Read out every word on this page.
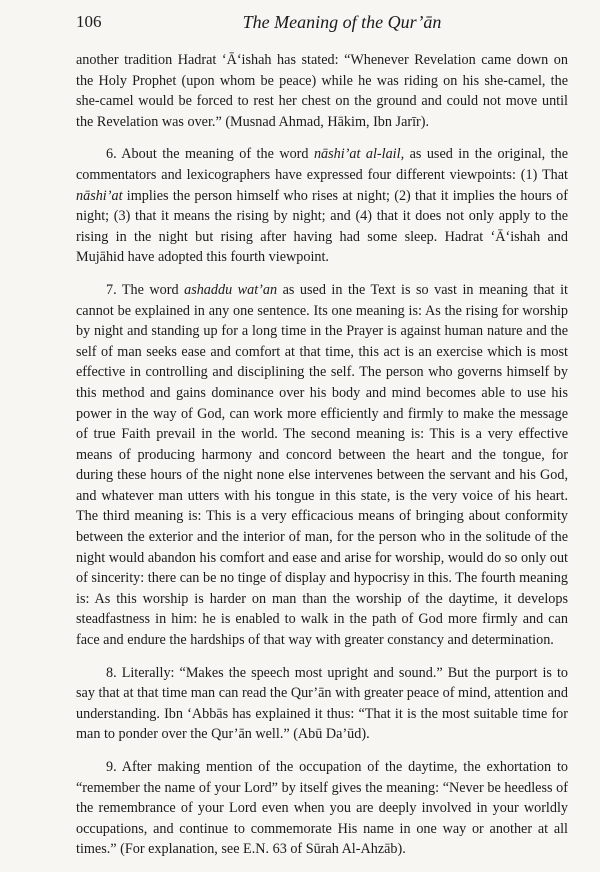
106	The Meaning of the Qur’ān

another tradition Hadrat ‘Ā‘ishah has stated: “Whenever Revelation came down on the Holy Prophet (upon whom be peace) while he was riding on his she-camel, the she-camel would be forced to rest her chest on the ground and could not move until the Revelation was over.” (Musnad Ahmad, Hākim, Ibn Jarīr).

6. About the meaning of the word nāshi’at al-lail, as used in the original, the commentators and lexicographers have expressed four different viewpoints: (1) That nāshi’at implies the person himself who rises at night; (2) that it implies the hours of night; (3) that it means the rising by night; and (4) that it does not only apply to the rising in the night but rising after having had some sleep. Hadrat ‘Ā‘ishah and Mujāhid have adopted this fourth viewpoint.

7. The word ashaddu wat’an as used in the Text is so vast in meaning that it cannot be explained in any one sentence. Its one meaning is: As the rising for worship by night and standing up for a long time in the Prayer is against human nature and the self of man seeks ease and comfort at that time, this act is an exercise which is most effective in controlling and disciplining the self. The person who governs himself by this method and gains dominance over his body and mind becomes able to use his power in the way of God, can work more efficiently and firmly to make the message of true Faith prevail in the world. The second meaning is: This is a very effective means of producing harmony and concord between the heart and the tongue, for during these hours of the night none else intervenes between the servant and his God, and whatever man utters with his tongue in this state, is the very voice of his heart. The third meaning is: This is a very efficacious means of bringing about conformity between the exterior and the interior of man, for the person who in the solitude of the night would abandon his comfort and ease and arise for worship, would do so only out of sincerity: there can be no tinge of display and hypocrisy in this. The fourth meaning is: As this worship is harder on man than the worship of the daytime, it develops steadfastness in him: he is enabled to walk in the path of God more firmly and can face and endure the hardships of that way with greater constancy and determination.

8. Literally: “Makes the speech most upright and sound.” But the purport is to say that at that time man can read the Qur’ān with greater peace of mind, attention and understanding. Ibn ‘Abbās has explained it thus: “That it is the most suitable time for man to ponder over the Qur’ān well.” (Abū Da’ūd).

9. After making mention of the occupation of the daytime, the exhortation to “remember the name of your Lord” by itself gives the meaning: “Never be heedless of the remembrance of your Lord even when you are deeply involved in your worldly occupations, and continue to commemorate His name in one way or another at all times.” (For explanation, see E.N. 63 of Sūrah Al-Ahzāb).
